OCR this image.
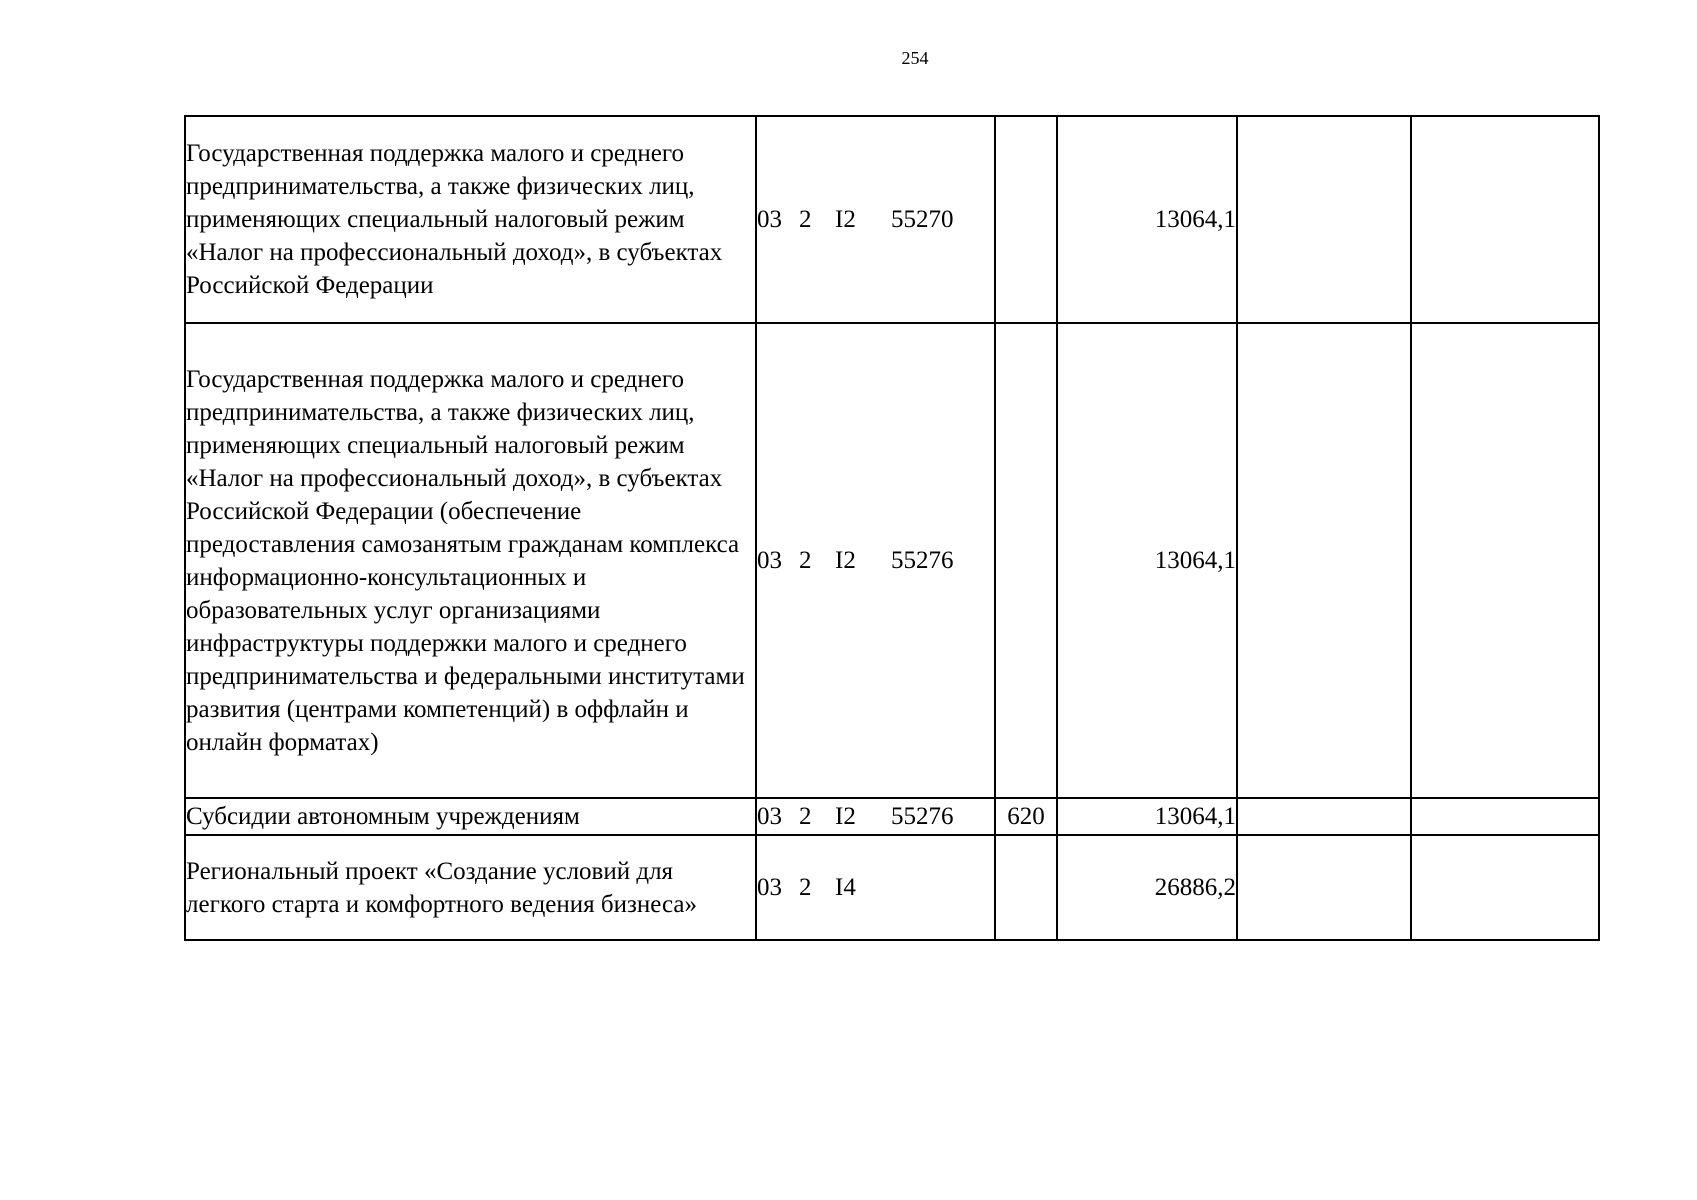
254
Государственная поддержка малого и среднего предпринимательства, а также физических лиц, применяющих специальный налоговый режим «Налог на профессиональный доход», в субъектах Российской Федерации	03 2 I2 55270		13064,1		
Государственная поддержка малого и среднего предпринимательства, а также физических лиц, применяющих специальный налоговый режим «Налог на профессиональный доход», в субъектах Российской Федерации (обеспечение предоставления самозанятым гражданам комплекса информационно-консультационных и образовательных услуг организациями инфраструктуры поддержки малого и среднего предпринимательства и федеральными институтами развития (центрами компетенций) в оффлайн и онлайн форматах)	03 2 I2 55276		13064,1		
Субсидии автономным учреждениям	03 2 I2 55276	620	13064,1		
Региональный проект «Создание условий для легкого старта и комфортного ведения бизнеса»	03 2 I4		26886,2		
